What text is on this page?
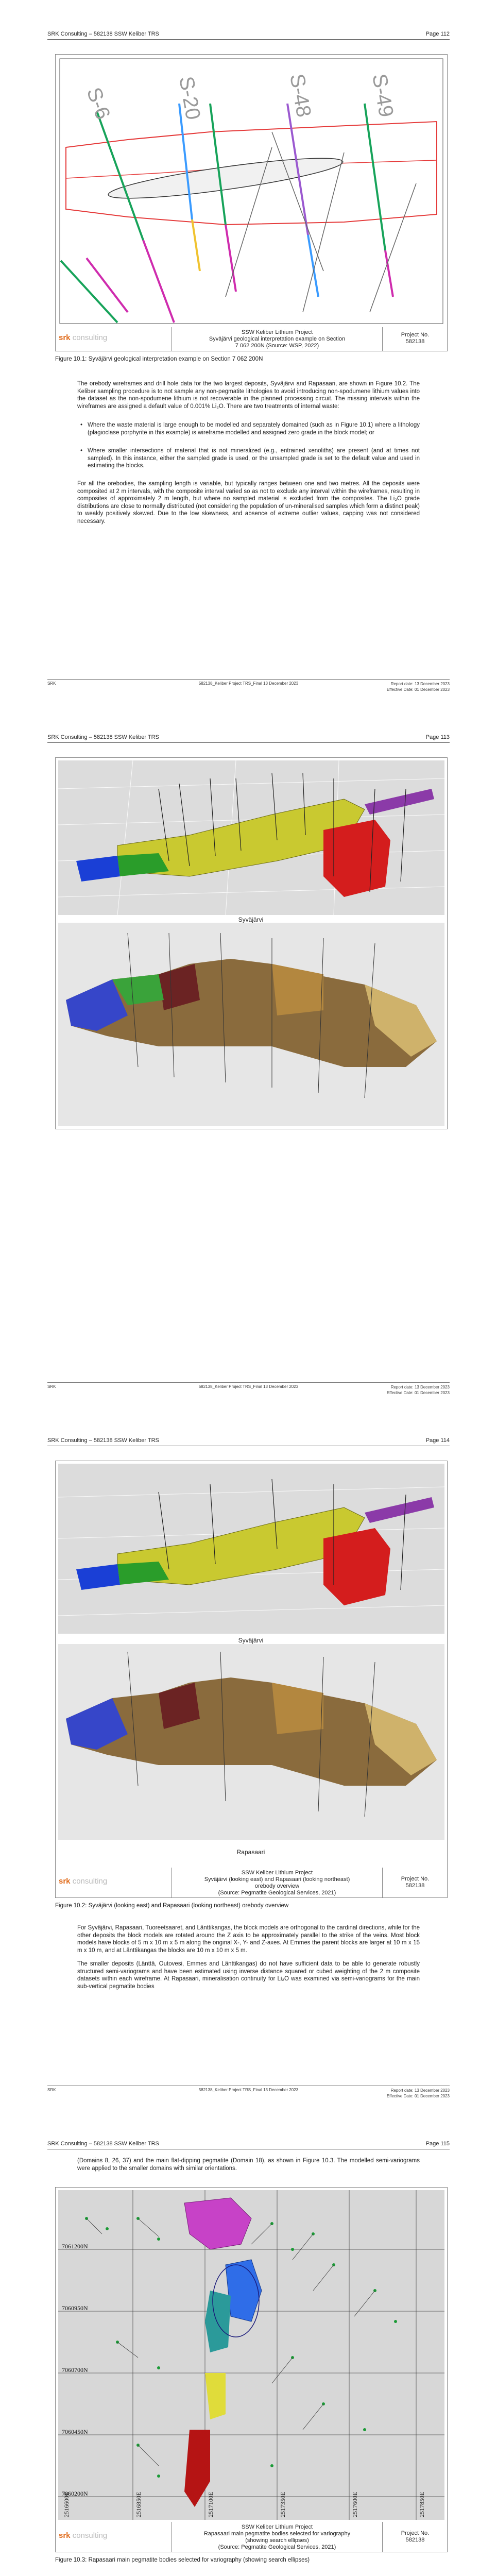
SRK Consulting – 582138 SSW Keliber TRS	Page 112
S-6	S-20	S-48	S-49
srk consulting
SSW Keliber Lithium Project
Syväjärvi geological interpretation example on Section
7 062 200N (Source: WSP, 2022)
Project No.
582138
Figure 10.1: Syväjärvi geological interpretation example on Section 7 062 200N
The orebody wireframes and drill hole data for the two largest deposits, Syväjärvi and Rapasaari, are shown in Figure 10.2. The Keliber sampling procedure is to not sample any non-pegmatite lithologies to avoid introducing non-spodumene lithium values into the dataset as the non-spodumene lithium is not recoverable in the planned processing circuit. The missing intervals within the wireframes are assigned a default value of 0.001% Li₂O. There are two treatments of internal waste:
• Where the waste material is large enough to be modelled and separately domained (such as in Figure 10.1) where a lithology (plagioclase porphyrite in this example) is wireframe modelled and assigned zero grade in the block model; or
• Where smaller intersections of material that is not mineralized (e.g., entrained xenoliths) are present (and at times not sampled). In this instance, either the sampled grade is used, or the unsampled grade is set to the default value and used in estimating the blocks.
For all the orebodies, the sampling length is variable, but typically ranges between one and two metres. All the deposits were composited at 2 m intervals, with the composite interval varied so as not to exclude any interval within the wireframes, resulting in composites of approximately 2 m length, but where no sampled material is excluded from the composites. The Li₂O grade distributions are close to normally distributed (not considering the population of un-mineralised samples which form a distinct peak) to weakly positively skewed. Due to the low skewness, and absence of extreme outlier values, capping was not considered necessary.
SRK	582138_Keliber Project TRS_Final 13 December 2023	Report date: 13 December 2023
Effective Date: 01 December 2023
SRK Consulting – 582138 SSW Keliber TRS	Page 113
Syväjärvi
SRK	582138_Keliber Project TRS_Final 13 December 2023	Report date: 13 December 2023
Effective Date: 01 December 2023
SRK Consulting – 582138 SSW Keliber TRS	Page 114
Syväjärvi
Rapasaari
srk consulting
SSW Keliber Lithium Project
Syväjärvi (looking east) and Rapasaari (looking northeast)
orebody overview
(Source: Pegmatite Geological Services, 2021)
Project No.
582138
Figure 10.2: Syväjärvi (looking east) and Rapasaari (looking northeast) orebody overview
For Syväjärvi, Rapasaari, Tuoreetsaaret, and Länttikangas, the block models are orthogonal to the cardinal directions, while for the other deposits the block models are rotated around the Z axis to be approximately parallel to the strike of the veins. Most block models have blocks of 5 m x 10 m x 5 m along the original X-, Y- and Z-axes. At Emmes the parent blocks are larger at 10 m x 15 m x 10 m, and at Länttikangas the blocks are 10 m x 10 m x 5 m.
The smaller deposits (Länttä, Outovesi, Emmes and Länttikangas) do not have sufficient data to be able to generate robustly structured semi-variograms and have been estimated using inverse distance squared or cubed weighting of the 2 m composite datasets within each wireframe. At Rapasaari, mineralisation continuity for Li₂O was examined via semi-variograms for the main sub-vertical pegmatite bodies
SRK	582138_Keliber Project TRS_Final 13 December 2023	Report date: 13 December 2023
Effective Date: 01 December 2023
SRK Consulting – 582138 SSW Keliber TRS	Page 115
(Domains 8, 26, 37) and the main flat-dipping pegmatite (Domain 18), as shown in Figure 10.3. The modelled semi-variograms were applied to the smaller domains with similar orientations.
7061200N
7060950N
7060700N
7060450N
7060200N
2516600E	2516850E	2517100E	2517350E	2517600E	2517850E
srk consulting
SSW Keliber Lithium Project
Rapasaari main pegmatite bodies selected for variography
(showing search ellipses)
(Source: Pegmatite Geological Services, 2021)
Project No.
582138
Figure 10.3: Rapasaari main pegmatite bodies selected for variography (showing search ellipses)
